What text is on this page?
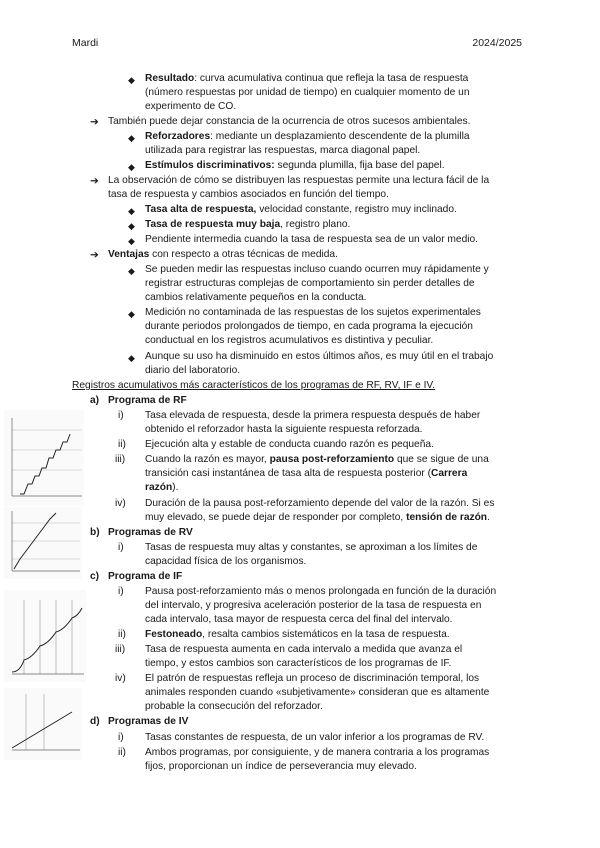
Mardi	2024/2025
◆ Resultado: curva acumulativa continua que refleja la tasa de respuesta
(número respuestas por unidad de tiempo) en cualquier momento de un
experimento de CO.
➔ También puede dejar constancia de la ocurrencia de otros sucesos ambientales.
◆ Reforzadores: mediante un desplazamiento descendente de la plumilla
utilizada para registrar las respuestas, marca diagonal papel.
◆ Estímulos discriminativos: segunda plumilla, fija base del papel.
➔ La observación de cómo se distribuyen las respuestas permite una lectura fácil de la
tasa de respuesta y cambios asociados en función del tiempo.
◆ Tasa alta de respuesta, velocidad constante, registro muy inclinado.
◆ Tasa de respuesta muy baja, registro plano.
◆ Pendiente intermedia cuando la tasa de respuesta sea de un valor medio.
➔ Ventajas con respecto a otras técnicas de medida.
◆ Se pueden medir las respuestas incluso cuando ocurren muy rápidamente y
registrar estructuras complejas de comportamiento sin perder detalles de
cambios relativamente pequeños en la conducta.
◆ Medición no contaminada de las respuestas de los sujetos experimentales
durante periodos prolongados de tiempo, en cada programa la ejecución
conductual en los registros acumulativos es distintiva y peculiar.
◆ Aunque su uso ha disminuido en estos últimos años, es muy útil en el trabajo
diario del laboratorio.
Registros acumulativos más característicos de los programas de RF, RV, IF e IV.
a) Programa de RF
i) Tasa elevada de respuesta, desde la primera respuesta después de haber
obtenido el reforzador hasta la siguiente respuesta reforzada.
ii) Ejecución alta y estable de conducta cuando razón es pequeña.
iii) Cuando la razón es mayor, pausa post-reforzamiento que se sigue de una
transición casi instantánea de tasa alta de respuesta posterior (Carrera
razón).
iv) Duración de la pausa post-reforzamiento depende del valor de la razón. Si es
muy elevado, se puede dejar de responder por completo, tensión de razón.
b) Programas de RV
i) Tasas de respuesta muy altas y constantes, se aproximan a los límites de
capacidad física de los organismos.
c) Programa de IF
i) Pausa post-reforzamiento más o menos prolongada en función de la duración
del intervalo, y progresiva aceleración posterior de la tasa de respuesta en
cada intervalo, tasa mayor de respuesta cerca del final del intervalo.
ii) Festoneado, resalta cambios sistemáticos en la tasa de respuesta.
iii) Tasa de respuesta aumenta en cada intervalo a medida que avanza el
tiempo, y estos cambios son característicos de los programas de IF.
iv) El patrón de respuestas refleja un proceso de discriminación temporal, los
animales responden cuando «subjetivamente» consideran que es altamente
probable la consecución del reforzador.
d) Programas de IV
i) Tasas constantes de respuesta, de un valor inferior a los programas de RV.
ii) Ambos programas, por consiguiente, y de manera contraria a los programas
fijos, proporcionan un índice de perseverancia muy elevado.
